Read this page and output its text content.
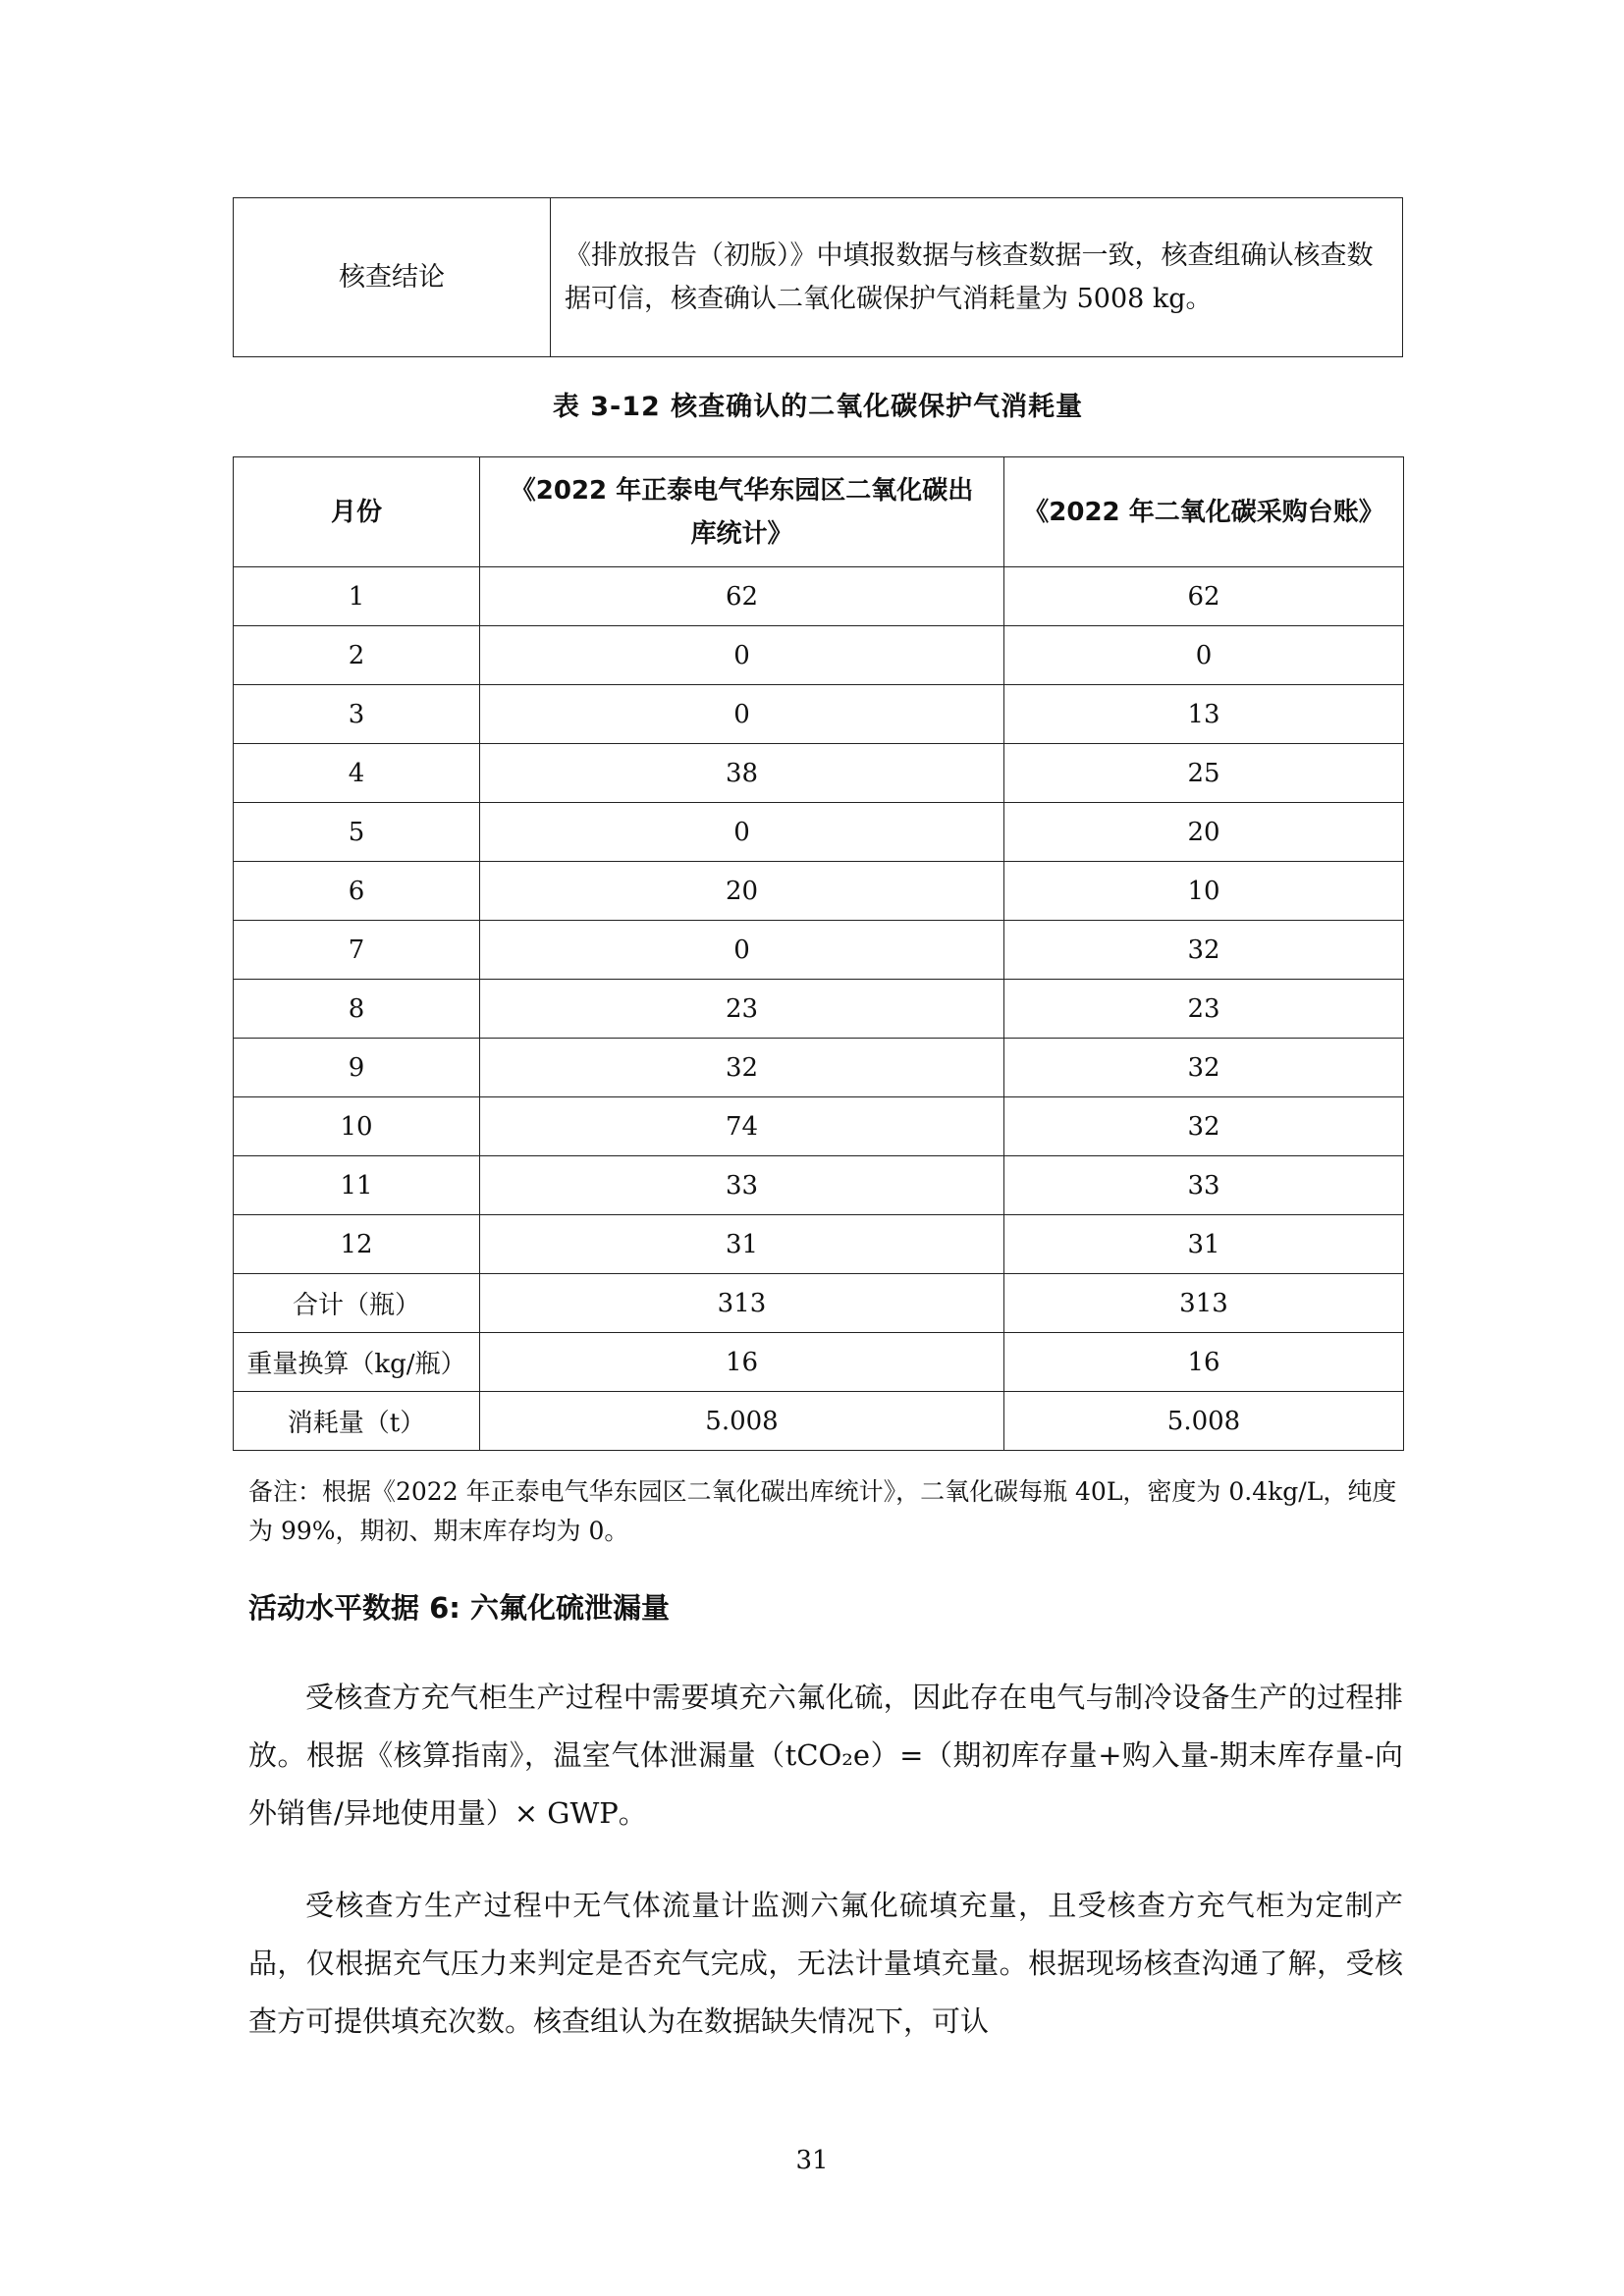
核查结论	《排放报告（初版）》中填报数据与核查数据一致，核查组确认核查数据可信，核查确认二氧化碳保护气消耗量为 5008 kg。
表 3-12 核查确认的二氧化碳保护气消耗量
月份	《2022 年正泰电气华东园区二氧化碳出库统计》	《2022 年二氧化碳采购台账》
1	62	62
2	0	0
3	0	13
4	38	25
5	0	20
6	20	10
7	0	32
8	23	23
9	32	32
10	74	32
11	33	33
12	31	31
合计（瓶）	313	313
重量换算（kg/瓶）	16	16
消耗量（t）	5.008	5.008
备注：根据《2022 年正泰电气华东园区二氧化碳出库统计》，二氧化碳每瓶 40L，密度为 0.4kg/L，纯度为 99%，期初、期末库存均为 0。
活动水平数据 6: 六氟化硫泄漏量

受核查方充气柜生产过程中需要填充六氟化硫，因此存在电气与制冷设备生产的过程排放。根据《核算指南》，温室气体泄漏量（tCO₂e）=（期初库存量+购入量-期末库存量-向外销售/异地使用量）× GWP。

受核查方生产过程中无气体流量计监测六氟化硫填充量，且受核查方充气柜为定制产品，仅根据充气压力来判定是否充气完成，无法计量填充量。根据现场核查沟通了解，受核查方可提供填充次数。核查组认为在数据缺失情况下，可认

31
